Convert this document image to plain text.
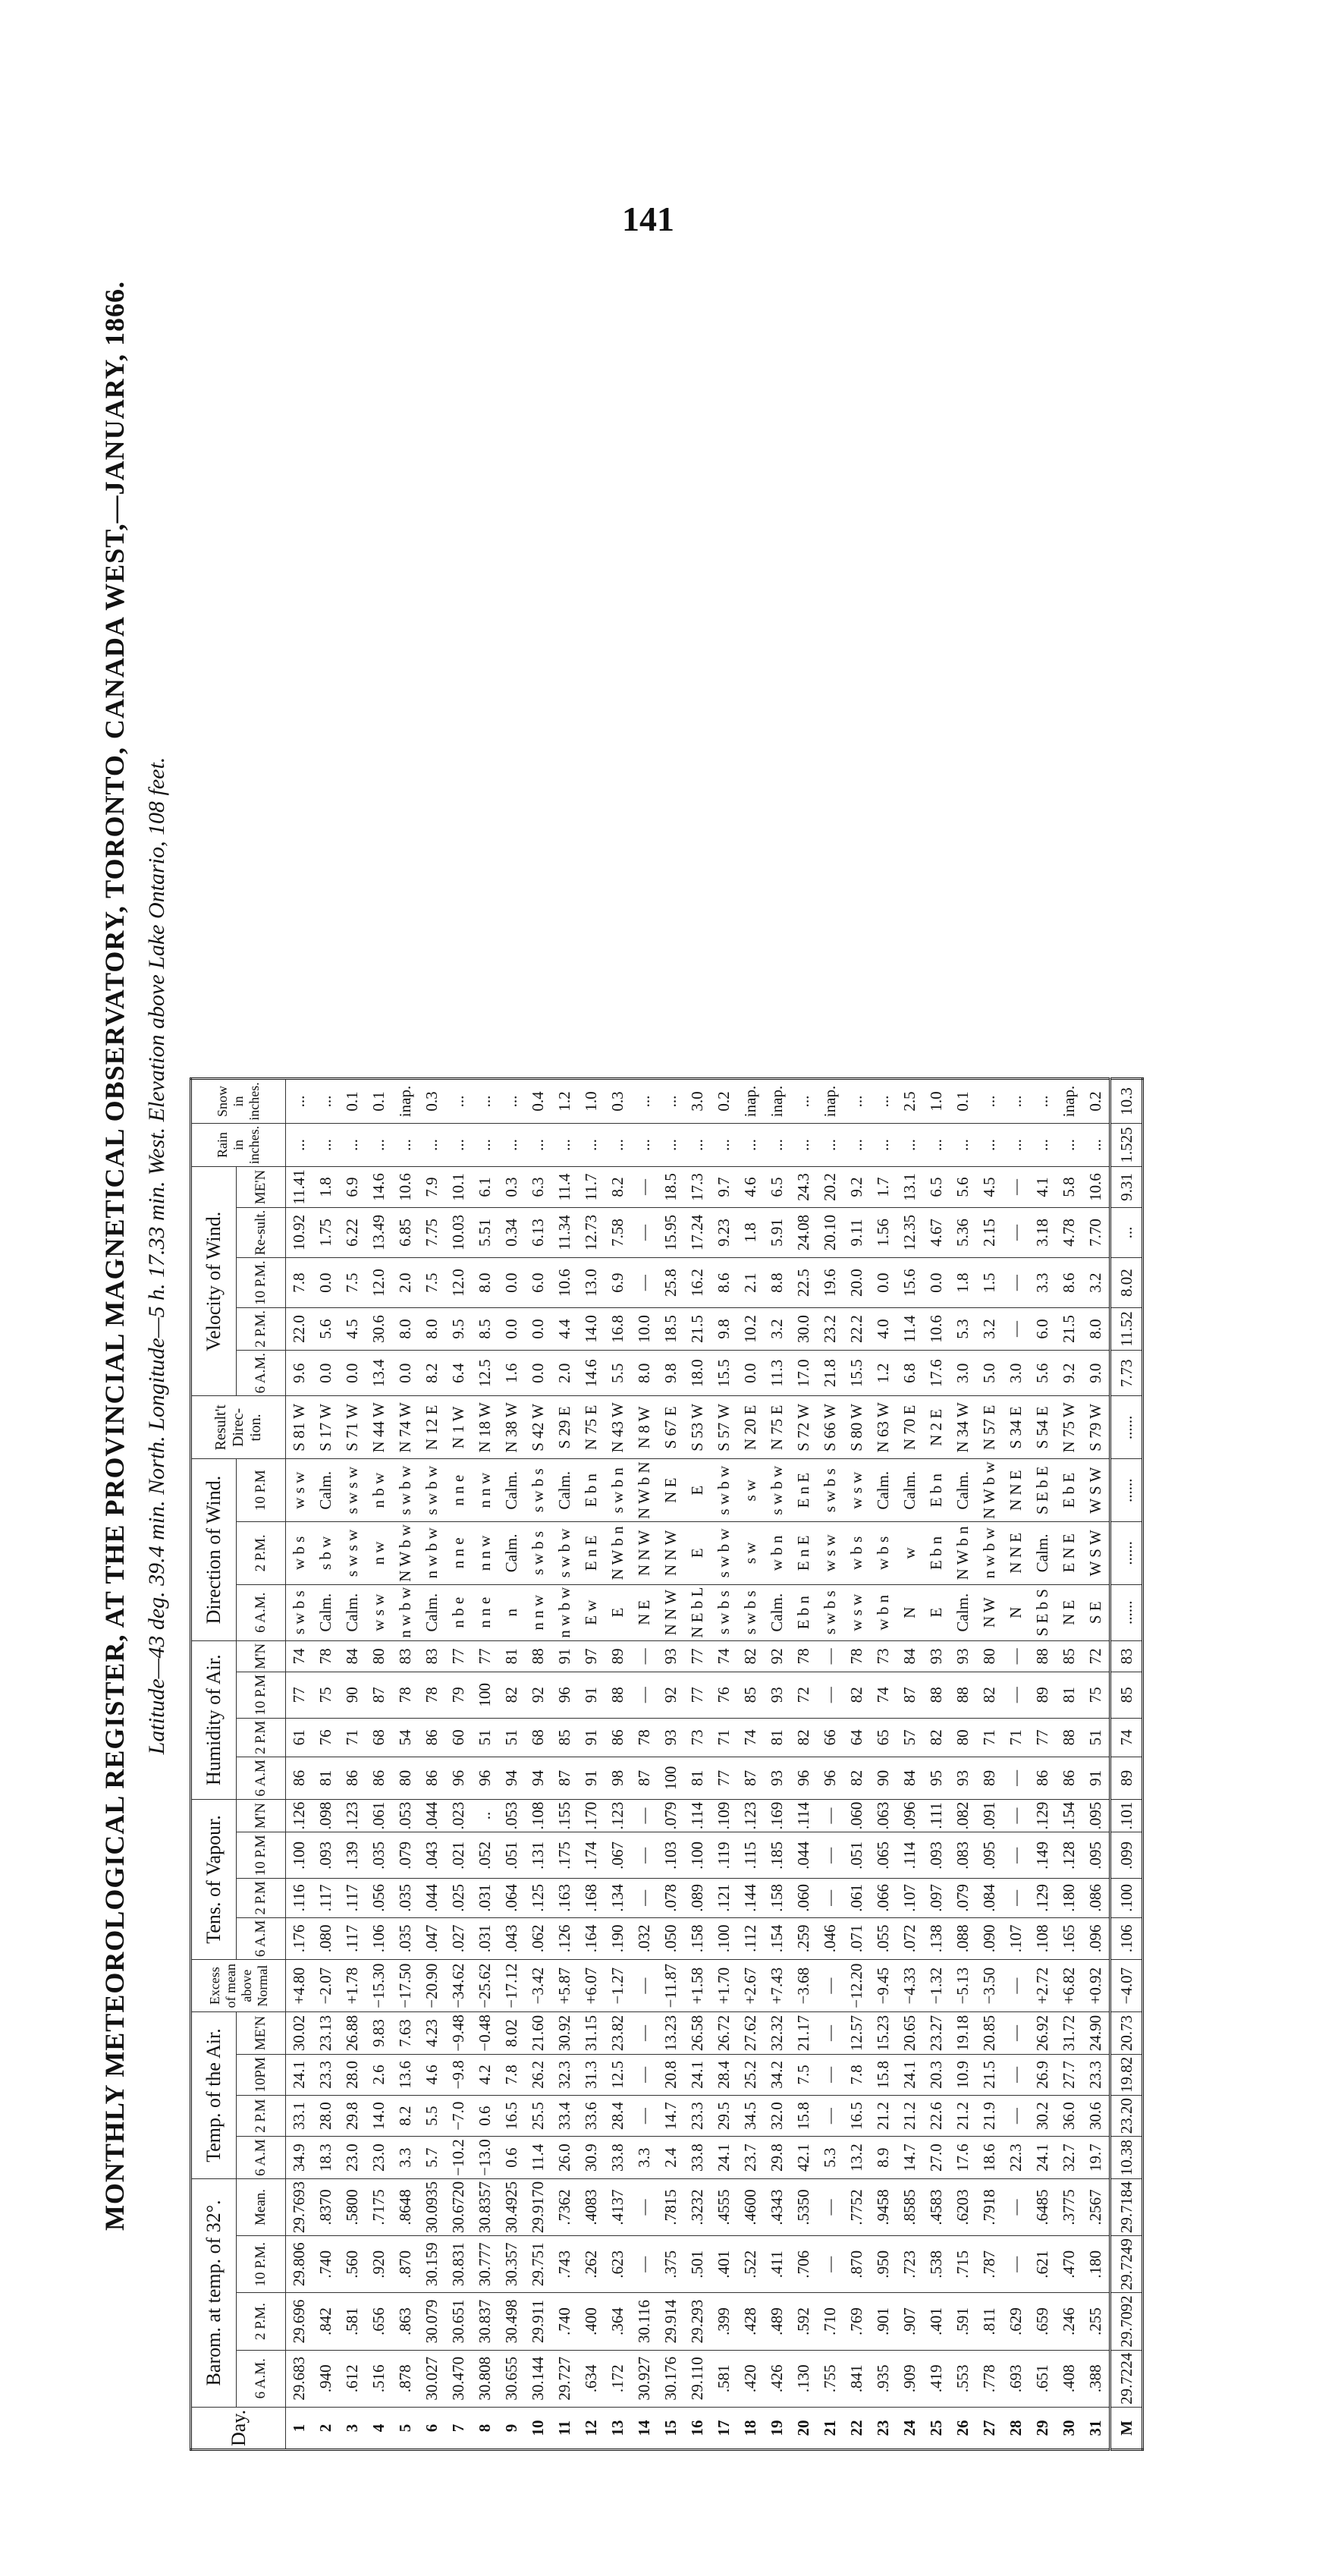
141
MONTHLY METEOROLOGICAL REGISTER, AT THE PROVINCIAL MAGNETICAL OBSERVATORY, TORONTO, CANADA WEST,—JANUARY, 1866. Latitude—43 deg. 39.4 min. North. Longitude—5 h. 17.33 min. West. Elevation above Lake Ontario, 108 feet.
Day.	Barom. at temp. of 32°.				Temp. of the Air.				Excess of mean above Normal	Tens. of Vapour.				Humidity of Air.				Direction of Wind.			Result't Direc-tion.	Velocity of Wind.					Rain in inches.	Snow in inches.
	6 A.M.	2 P.M.	10 P.M.	Mean.	6 A.M	2 P.M	10PM	ME'N		6 A.M	2 P.M	10 P.M	M'N	6 A.M	2 P.M	10 P.M	M'N	6 A.M.	2 P.M.	10 P.M		6 A.M.	2 P.M.	10 P.M.	Re-sult.	ME'N		
1	29.683	29.696	29.806	29.7693	34.9	33.1	24.1	30.02	+4.80	.176	.116	.100	.126	86	61	77	74	s w b s	w b s	w s w	S 81 W	9.6	22.0	7.8	10.92	11.41	...	...
2	.940	.842	.740	.8370	18.3	28.0	23.3	23.13	−2.07	.080	.117	.093	.098	81	76	75	78	Calm.	s b w	Calm.	S 17 W	0.0	5.6	0.0	1.75	1.8	...	...
3	.612	.581	.560	.5800	23.0	29.8	28.0	26.88	+1.78	.117	.117	.139	.123	86	71	90	84	Calm.	s w s w	s w s w	S 71 W	0.0	4.5	7.5	6.22	6.9	...	0.1
4	.516	.656	.920	.7175	23.0	14.0	2.6	9.83	−15.30	.106	.056	.035	.061	86	68	87	80	w s w	n w	n b w	N 44 W	13.4	30.6	12.0	13.49	14.6	...	0.1
5	.878	.863	.870	.8648	3.3	8.2	13.6	7.63	−17.50	.035	.035	.079	.053	80	54	78	83	n w b w	N W b w	s w b w	N 74 W	0.0	8.0	2.0	6.85	10.6	...	inap.
6	30.027	30.079	30.159	30.0935	5.7	5.5	4.6	4.23	−20.90	.047	.044	.043	.044	86	86	78	83	Calm.	n w b w	s w b w	N 12 E	8.2	8.0	7.5	7.75	7.9	...	0.3
7	30.470	30.651	30.831	30.6720	−10.2	−7.0	−9.8	−9.48	−34.62	.027	.025	.021	.023	96	60	79	77	n b e	n n e	n n e	N 1 W	6.4	9.5	12.0	10.03	10.1	...	...
8	30.808	30.837	30.777	30.8357	−13.0	0.6	4.2	−0.48	−25.62	.031	.031	.052	..	96	51	100	77	n n e	n n w	n n w	N 18 W	12.5	8.5	8.0	5.51	6.1	...	...
9	30.655	30.498	30.357	30.4925	0.6	16.5	7.8	8.02	−17.12	.043	.064	.051	.053	94	51	82	81	n	Calm.	Calm.	N 38 W	1.6	0.0	0.0	0.34	0.3	...	...
10	30.144	29.911	29.751	29.9170	11.4	25.5	26.2	21.60	−3.42	.062	.125	.131	.108	94	68	92	88	n n w	s w b s	s w b s	S 42 W	0.0	0.0	6.0	6.13	6.3	...	0.4
11	29.727	.740	.743	.7362	26.0	33.4	32.3	30.92	+5.87	.126	.163	.175	.155	87	85	96	91	n w b w	s w b w	Calm.	S 29 E	2.0	4.4	10.6	11.34	11.4	...	1.2
12	.634	.400	.262	.4083	30.9	33.6	31.3	31.15	+6.07	.164	.168	.174	.170	91	91	91	97	E w	E n E	E b n	N 75 E	14.6	14.0	13.0	12.73	11.7	...	1.0
13	.172	.364	.623	.4137	33.8	28.4	12.5	23.82	−1.27	.190	.134	.067	.123	98	86	88	89	E	N W b n	s w b n	N 43 W	5.5	16.8	6.9	7.58	8.2	...	0.3
14	30.927	30.116	—	—	3.3	—	—	—	—	.032	—	—	—	87	78	—	—	N E	N N W	N W b N	N 8 W	8.0	10.0	—	—	—	...	...
15	30.176	29.914	.375	.7815	2.4	14.7	20.8	13.23	−11.87	.050	.078	.103	.079	100	93	92	93	N N W	N N W	N E	S 67 E	9.8	18.5	25.8	15.95	18.5	...	...
16	29.110	29.293	.501	.3232	33.8	23.3	24.1	26.58	+1.58	.158	.089	.100	.114	81	73	77	77	N E b L	E	E	S 53 W	18.0	21.5	16.2	17.24	17.3	...	3.0
17	.581	.399	.401	.4555	24.1	29.5	28.4	26.72	+1.70	.100	.121	.119	.109	77	71	76	74	s w b s	s w b w	s w b w	S 57 W	15.5	9.8	8.6	9.23	9.7	...	0.2
18	.420	.428	.522	.4600	23.7	34.5	25.2	27.62	+2.67	.112	.144	.115	.123	87	74	85	82	s w b s	s w	s w	N 20 E	0.0	10.2	2.1	1.8	4.6	...	inap.
19	.426	.489	.411	.4343	29.8	32.0	34.2	32.32	+7.43	.154	.158	.185	.169	93	81	93	92	Calm.	w b n	s w b w	N 75 E	11.3	3.2	8.8	5.91	6.5	...	inap.
20	.130	.592	.706	.5350	42.1	15.8	7.5	21.17	−3.68	.259	.060	.044	.114	96	82	72	78	E b n	E n E	E n E	S 72 W	17.0	30.0	22.5	24.08	24.3	...	...
21	.755	.710	—	—	5.3	—	—	—	—	.046	—	—	—	96	66	—	—	s w b s	w s w	s w b s	S 66 W	21.8	23.2	19.6	20.10	20.2	...	inap.
22	.841	.769	.870	.7752	13.2	16.5	7.8	12.57	−12.20	.071	.061	.051	.060	82	64	82	78	w s w	w b s	w s w	S 80 W	15.5	22.2	20.0	9.11	9.2	...	...
23	.935	.901	.950	.9458	8.9	21.2	15.8	15.23	−9.45	.055	.066	.065	.063	90	65	74	73	w b n	w b s	Calm.	N 63 W	1.2	4.0	0.0	1.56	1.7	...	...
24	.909	.907	.723	.8585	14.7	21.2	24.1	20.65	−4.33	.072	.107	.114	.096	84	57	87	84	N	w	Calm.	N 70 E	6.8	11.4	15.6	12.35	13.1	...	2.5
25	.419	.401	.538	.4583	27.0	22.6	20.3	23.27	−1.32	.138	.097	.093	.111	95	82	88	93	E	E b n	E b n	N 2 E	17.6	10.6	0.0	4.67	6.5	...	1.0
26	.553	.591	.715	.6203	17.6	21.2	10.9	19.18	−5.13	.088	.079	.083	.082	93	80	88	93	Calm.	N W b n	Calm.	N 34 W	3.0	5.3	1.8	5.36	5.6	...	0.1
27	.778	.811	.787	.7918	18.6	21.9	21.5	20.85	−3.50	.090	.084	.095	.091	89	71	82	80	N W	n w b w	N W b w	N 57 E	5.0	3.2	1.5	2.15	4.5	...	...
28	.693	.629	—	—	22.3	—	—	—	—	.107	—	—	—	—	71	—	—	N	N N E	N N E	S 34 E	3.0	—	—	—	—	...	...
29	.651	.659	.621	.6485	24.1	30.2	26.9	26.92	+2.72	.108	.129	.149	.129	86	77	89	88	S E b S	Calm.	S E b E	S 54 E	5.6	6.0	3.3	3.18	4.1	...	...
30	.408	.246	.470	.3775	32.7	36.0	27.7	31.72	+6.82	.165	.180	.128	.154	86	88	81	85	N E	E N E	E b E	N 75 W	9.2	21.5	8.6	4.78	5.8	...	inap.
31	.388	.255	.180	.2567	19.7	30.6	23.3	24.90	+0.92	.096	.086	.095	.095	91	51	75	72	S E	W S W	W S W	S 79 W	9.0	8.0	3.2	7.70	10.6	...	0.2
M	29.7224	29.7092	29.7249	29.7184	10.38	23.20	19.82	20.73	−4.07	.106	.100	.099	.101	89	74	85	83	......	......	......	......	7.73	11.52	8.02	...	9.31	1.525	10.3
